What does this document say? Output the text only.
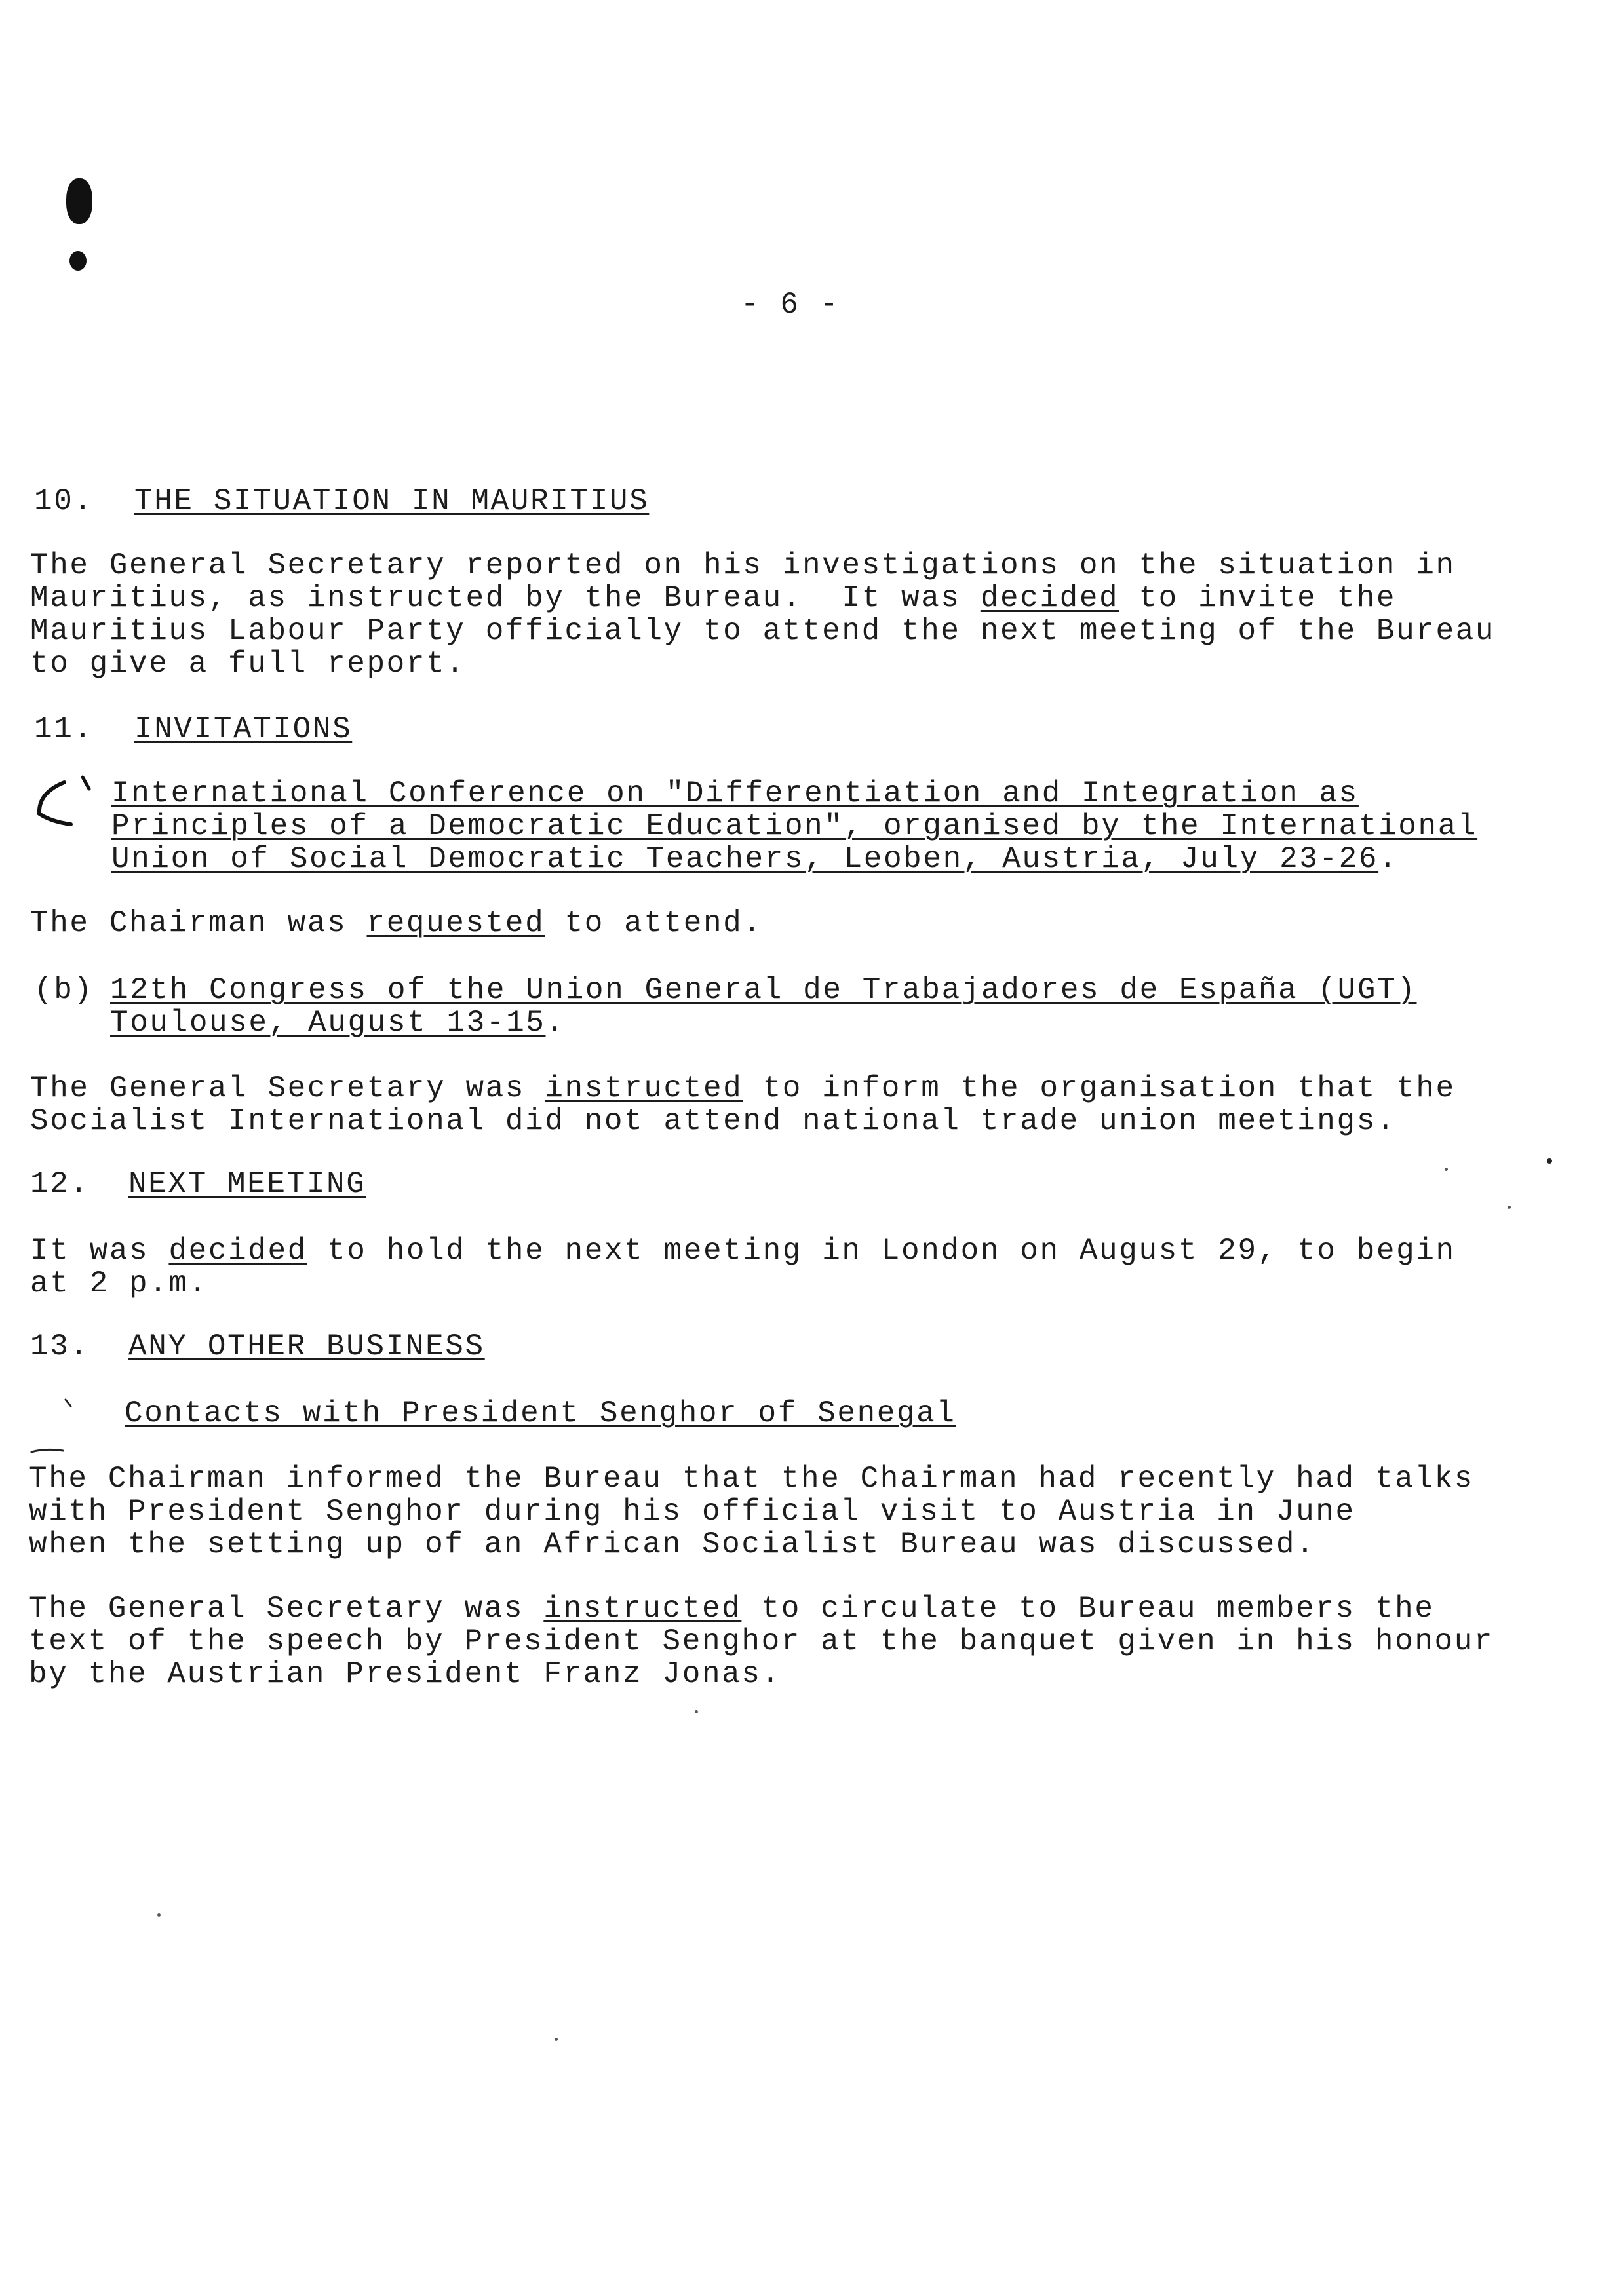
- 6 -
10. THE SITUATION IN MAURITIUS
The General Secretary reported on his investigations on the situation in
Mauritius, as instructed by the Bureau.  It was decided to invite the
Mauritius Labour Party officially to attend the next meeting of the Bureau
to give a full report.
11. INVITATIONS
International Conference on "Differentiation and Integration as
Principles of a Democratic Education", organised by the International
Union of Social Democratic Teachers, Leoben, Austria, July 23-26.
The Chairman was requested to attend.
(b) 12th Congress of the Union General de Trabajadores de España (UGT)
Toulouse, August 13-15.
The General Secretary was instructed to inform the organisation that the
Socialist International did not attend national trade union meetings.
12. NEXT MEETING
It was decided to hold the next meeting in London on August 29, to begin
at 2 p.m.
13. ANY OTHER BUSINESS
Contacts with President Senghor of Senegal
The Chairman informed the Bureau that the Chairman had recently had talks
with President Senghor during his official visit to Austria in June
when the setting up of an African Socialist Bureau was discussed.
The General Secretary was instructed to circulate to Bureau members the
text of the speech by President Senghor at the banquet given in his honour
by the Austrian President Franz Jonas.
